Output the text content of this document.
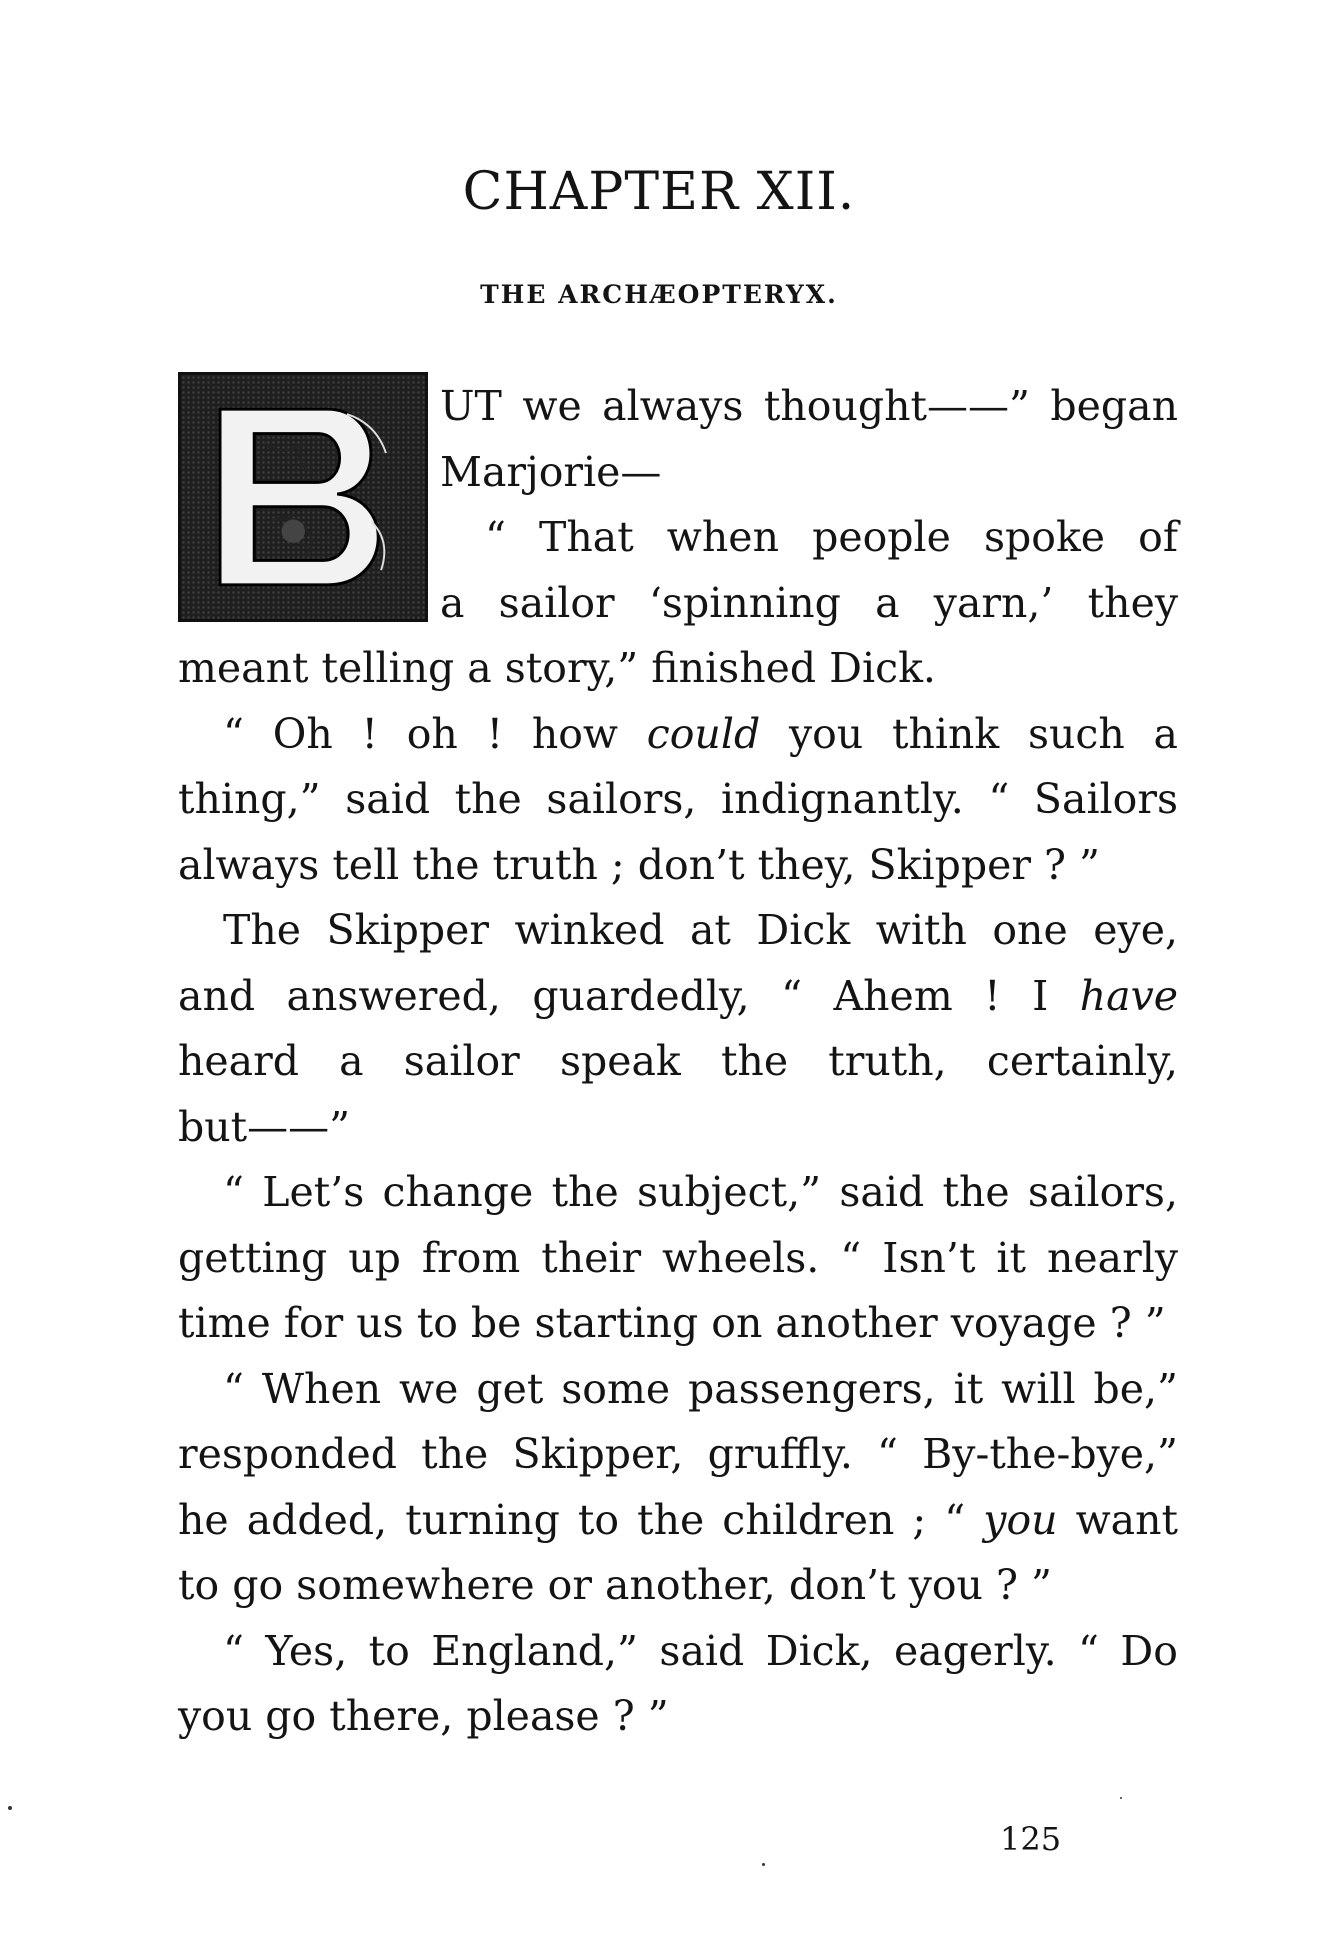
CHAPTER XII.
THE ARCHÆOPTERYX.
UT we always thought——” began
Marjorie—
“ That when people spoke of
a sailor ‘spinning a yarn,’ they
meant telling a story,” finished Dick.
“ Oh ! oh ! how could you think such a
thing,” said the sailors, indignantly. “ Sailors
always tell the truth ; don’t they, Skipper ? ”
The Skipper winked at Dick with one eye,
and answered, guardedly, “ Ahem ! I have
heard a sailor speak the truth, certainly,
but——”
“ Let’s change the subject,” said the sailors,
getting up from their wheels. “ Isn’t it nearly
time for us to be starting on another voyage ? ”
“ When we get some passengers, it will be,”
responded the Skipper, gruffly. “ By-the-bye,”
he added, turning to the children ; “ you want
to go somewhere or another, don’t you ? ”
“ Yes, to England,” said Dick, eagerly. “ Do
you go there, please ? ”
125
